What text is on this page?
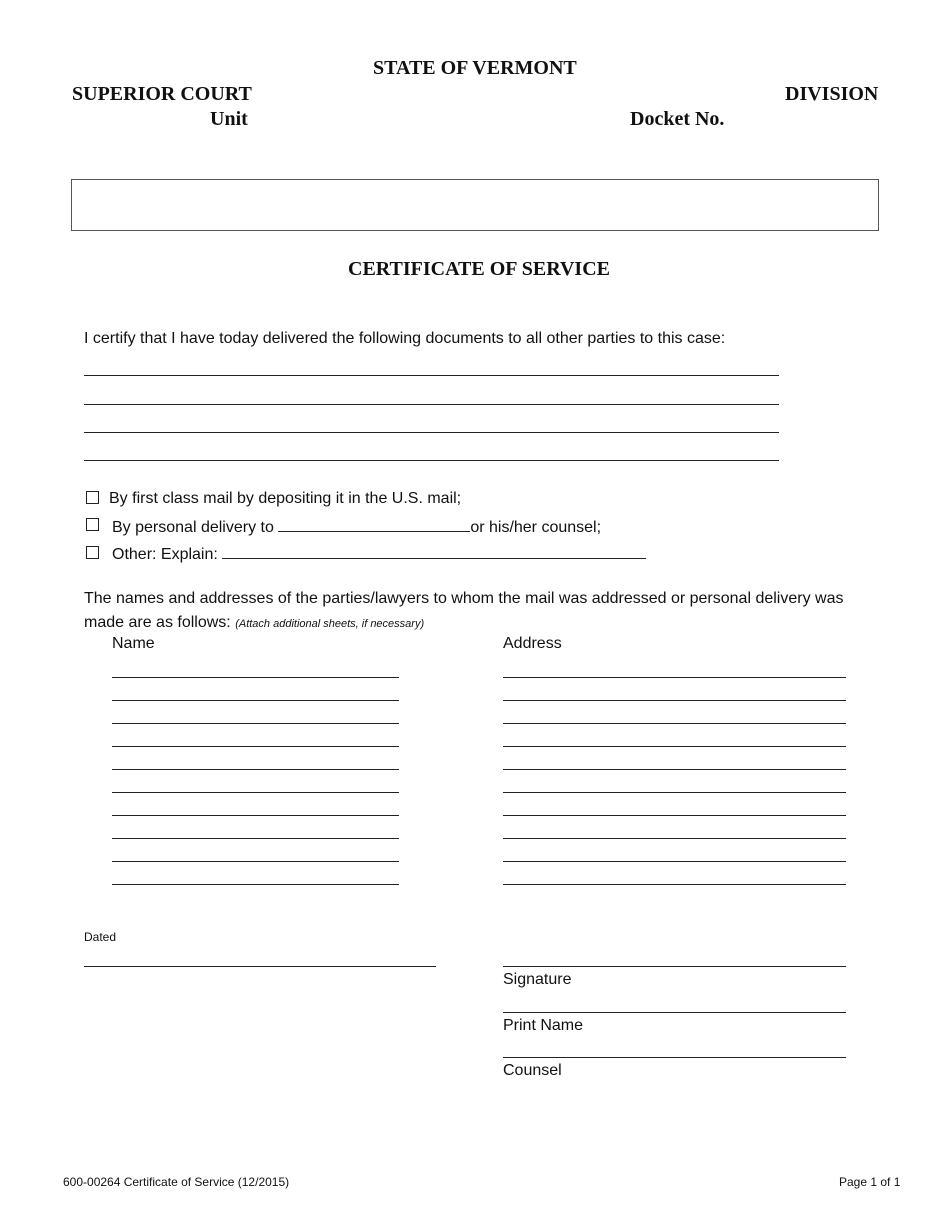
STATE OF VERMONT
SUPERIOR COURT	DIVISION
Unit	Docket No.
CERTIFICATE OF SERVICE
I certify that I have today delivered the following documents to all other parties to this case:
By first class mail by depositing it in the U.S. mail;
By personal delivery to	or his/her counsel;
Other: Explain:
The names and addresses of the parties/lawyers to whom the mail was addressed or personal delivery was
made are as follows: (Attach additional sheets, if necessary)
Name	Address
Dated
Signature
Print Name
Counsel
600-00264 Certificate of Service (12/2015)	Page 1 of 1
